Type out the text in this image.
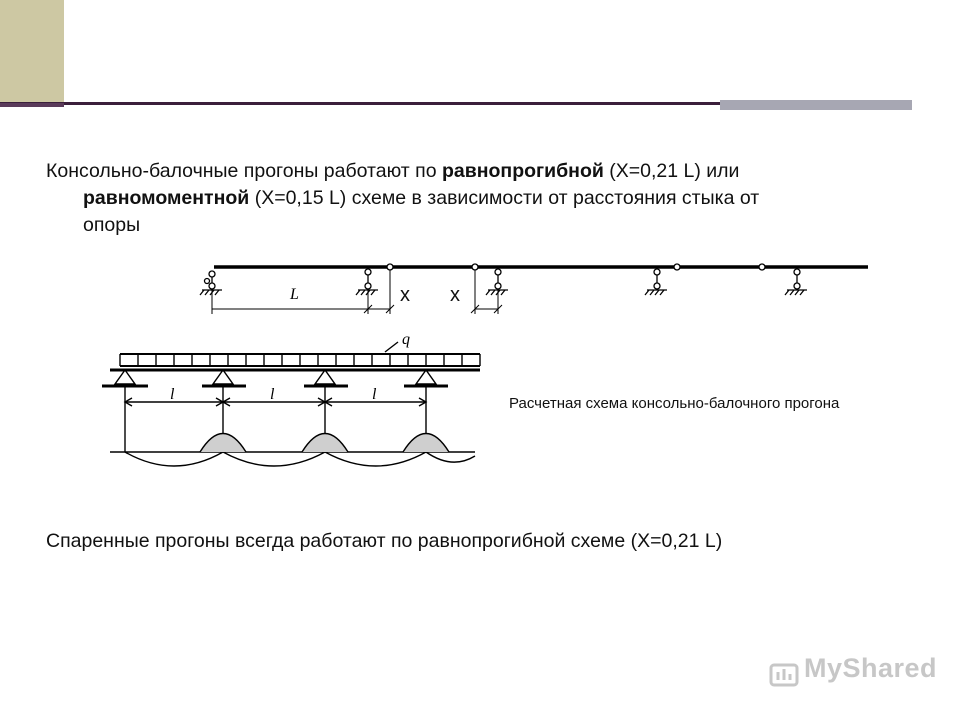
Консольно-балочные прогоны работают по равнопрогибной (X=0,21 L) или
равномоментной (X=0,15 L) схеме в зависимости от расстояния стыка от
опоры
L	x x
q
l	l	l
Расчетная схема консольно-балочного прогона
Спаренные прогоны всегда работают по равнопрогибной схеме (X=0,21 L)
MyShared
